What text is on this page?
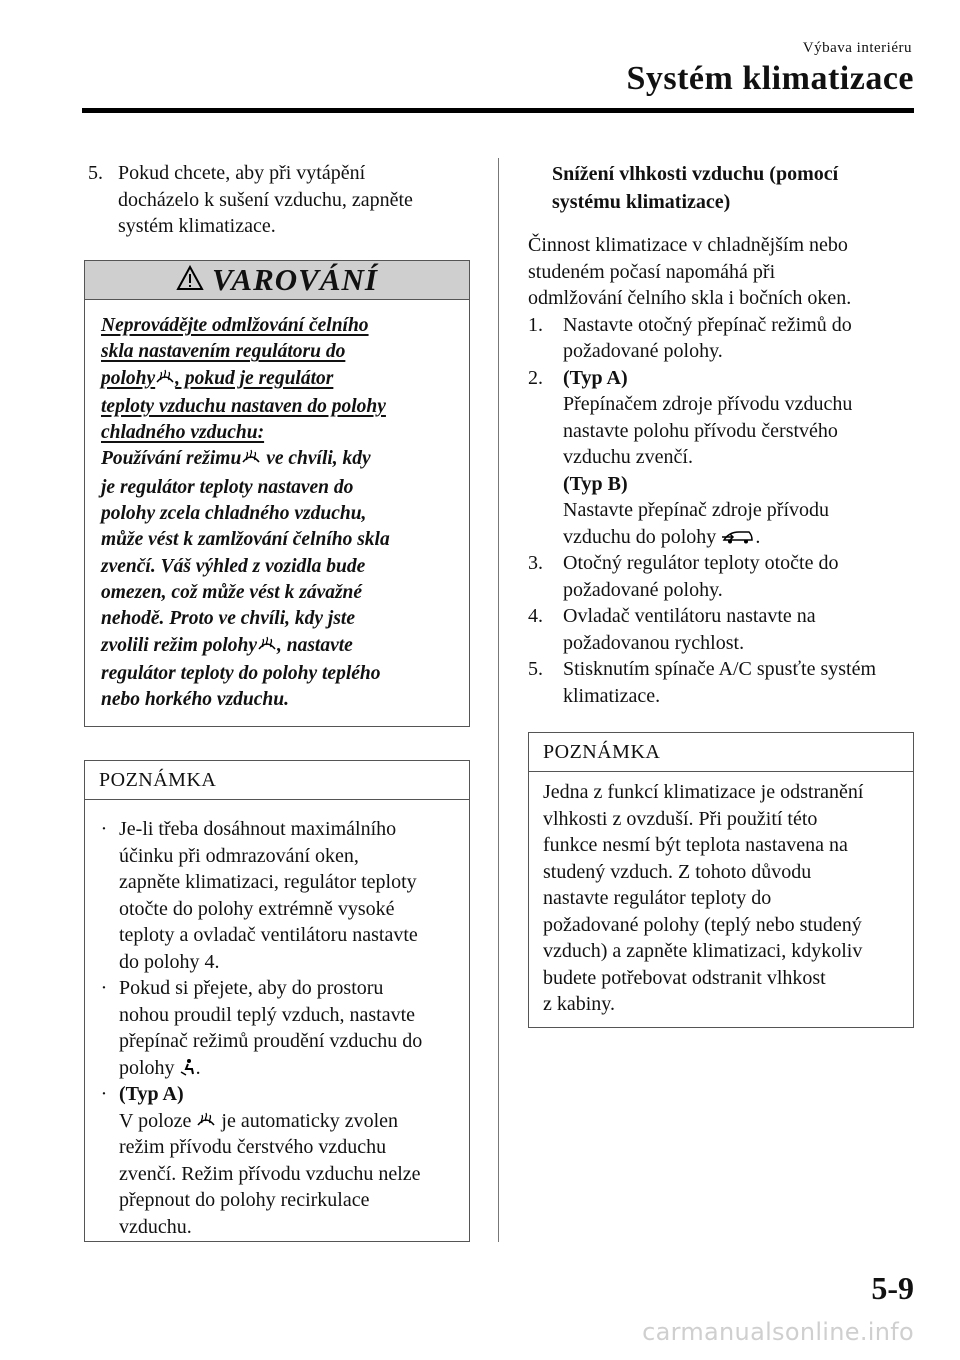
Výbava interiéru
Systém klimatizace
5. Pokud chcete, aby při vytápění
docházelo k sušení vzduchu, zapněte
systém klimatizace.
VAROVÁNÍ
Neprovádějte odmlžování čelního
skla nastavením regulátoru do
polohy , pokud je regulátor
teploty vzduchu nastaven do polohy
chladného vzduchu:
Používání režimu ve chvíli, kdy
je regulátor teploty nastaven do
polohy zcela chladného vzduchu,
může vést k zamlžování čelního skla
zvenčí. Váš výhled z vozidla bude
omezen, což může vést k závažné
nehodě. Proto ve chvíli, kdy jste
zvolili režim polohy , nastavte
regulátor teploty do polohy teplého
nebo horkého vzduchu.
POZNÁMKA
· Je-li třeba dosáhnout maximálního
účinku při odmrazování oken,
zapněte klimatizaci, regulátor teploty
otočte do polohy extrémně vysoké
teploty a ovladač ventilátoru nastavte
do polohy 4.
· Pokud si přejete, aby do prostoru
nohou proudil teplý vzduch, nastavte
přepínač režimů proudění vzduchu do
polohy .
· (Typ A)
V poloze  je automaticky zvolen
režim přívodu čerstvého vzduchu
zvenčí. Režim přívodu vzduchu nelze
přepnout do polohy recirkulace
vzduchu.
Snížení vlhkosti vzduchu (pomocí
systému klimatizace)
Činnost klimatizace v chladnějším nebo
studeném počasí napomáhá při
odmlžování čelního skla i bočních oken.
1. Nastavte otočný přepínač režimů do
požadované polohy.
2. (Typ A)
Přepínačem zdroje přívodu vzduchu
nastavte polohu přívodu čerstvého
vzduchu zvenčí.
(Typ B)
Nastavte přepínač zdroje přívodu
vzduchu do polohy .
3. Otočný regulátor teploty otočte do
požadované polohy.
4. Ovladač ventilátoru nastavte na
požadovanou rychlost.
5. Stisknutím spínače A/C spusťte systém
klimatizace.
POZNÁMKA
Jedna z funkcí klimatizace je odstranění
vlhkosti z ovzduší. Při použití této
funkce nesmí být teplota nastavena na
studený vzduch. Z tohoto důvodu
nastavte regulátor teploty do
požadované polohy (teplý nebo studený
vzduch) a zapněte klimatizaci, kdykoliv
budete potřebovat odstranit vlhkost
z kabiny.
5-9
carmanualsonline.info
